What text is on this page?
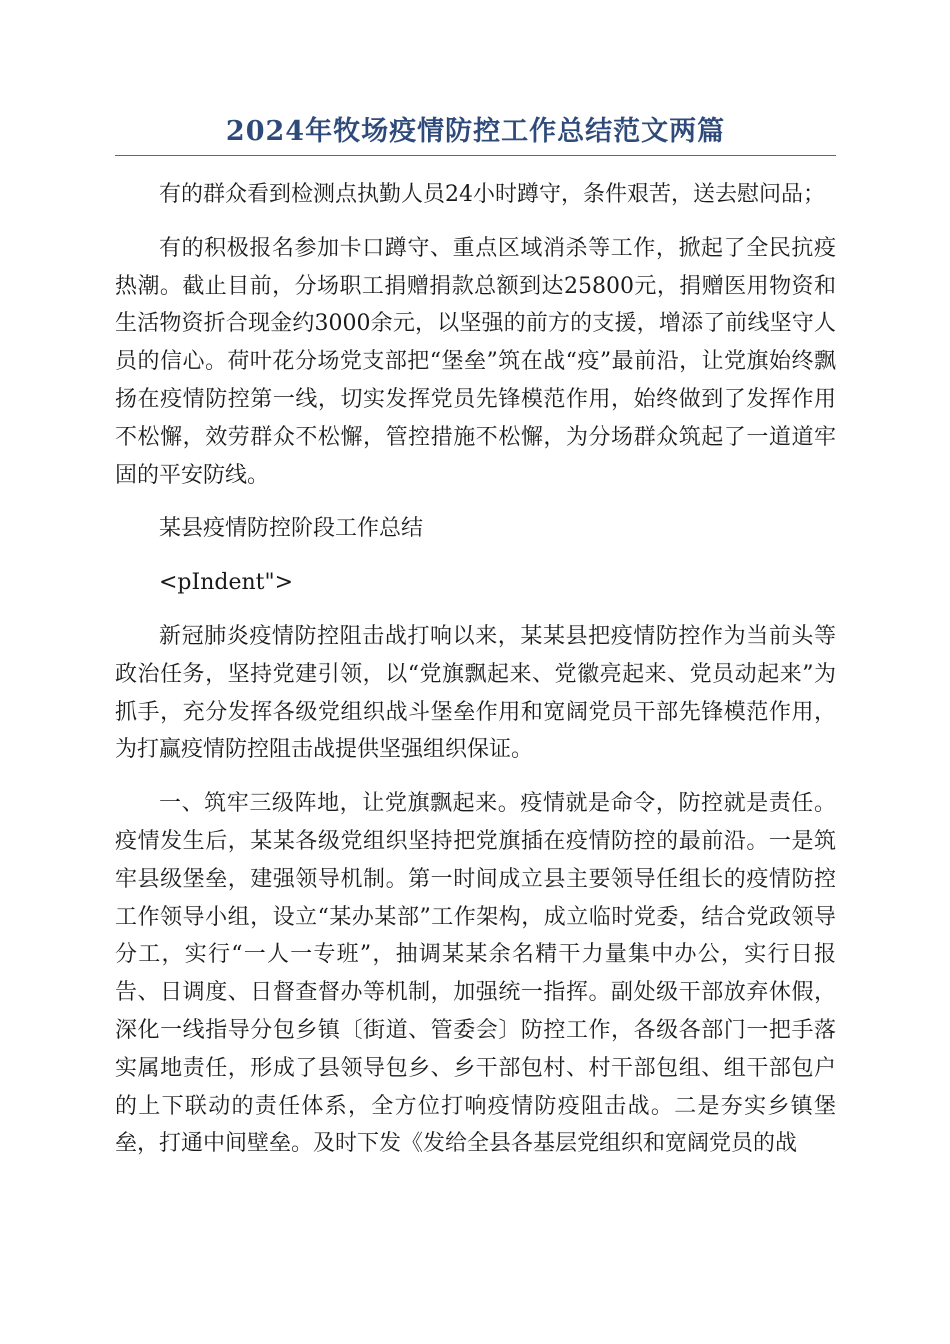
2024年牧场疫情防控工作总结范文两篇

有的群众看到检测点执勤人员24小时蹲守，条件艰苦，送去慰问品；

有的积极报名参加卡口蹲守、重点区域消杀等工作，掀起了全民抗疫热潮。截止目前，分场职工捐赠捐款总额到达25800元，捐赠医用物资和生活物资折合现金约3000余元，以坚强的前方的支援，增添了前线坚守人员的信心。荷叶花分场党支部把“堡垒”筑在战“疫”最前沿，让党旗始终飘扬在疫情防控第一线，切实发挥党员先锋模范作用，始终做到了发挥作用不松懈，效劳群众不松懈，管控措施不松懈，为分场群众筑起了一道道牢固的平安防线。

某县疫情防控阶段工作总结

<pIndent">

新冠肺炎疫情防控阻击战打响以来，某某县把疫情防控作为当前头等政治任务，坚持党建引领，以“党旗飘起来、党徽亮起来、党员动起来”为抓手，充分发挥各级党组织战斗堡垒作用和宽阔党员干部先锋模范作用，为打赢疫情防控阻击战提供坚强组织保证。

一、筑牢三级阵地，让党旗飘起来。疫情就是命令，防控就是责任。疫情发生后，某某各级党组织坚持把党旗插在疫情防控的最前沿。一是筑牢县级堡垒，建强领导机制。第一时间成立县主要领导任组长的疫情防控工作领导小组，设立“某办某部”工作架构，成立临时党委，结合党政领导分工，实行“一人一专班”，抽调某某余名精干力量集中办公，实行日报告、日调度、日督查督办等机制，加强统一指挥。副处级干部放弃休假，深化一线指导分包乡镇〔街道、管委会〕防控工作，各级各部门一把手落实属地责任，形成了县领导包乡、乡干部包村、村干部包组、组干部包户的上下联动的责任体系，全方位打响疫情防疫阻击战。二是夯实乡镇堡垒，打通中间壁垒。及时下发《发给全县各基层党组织和宽阔党员的战
